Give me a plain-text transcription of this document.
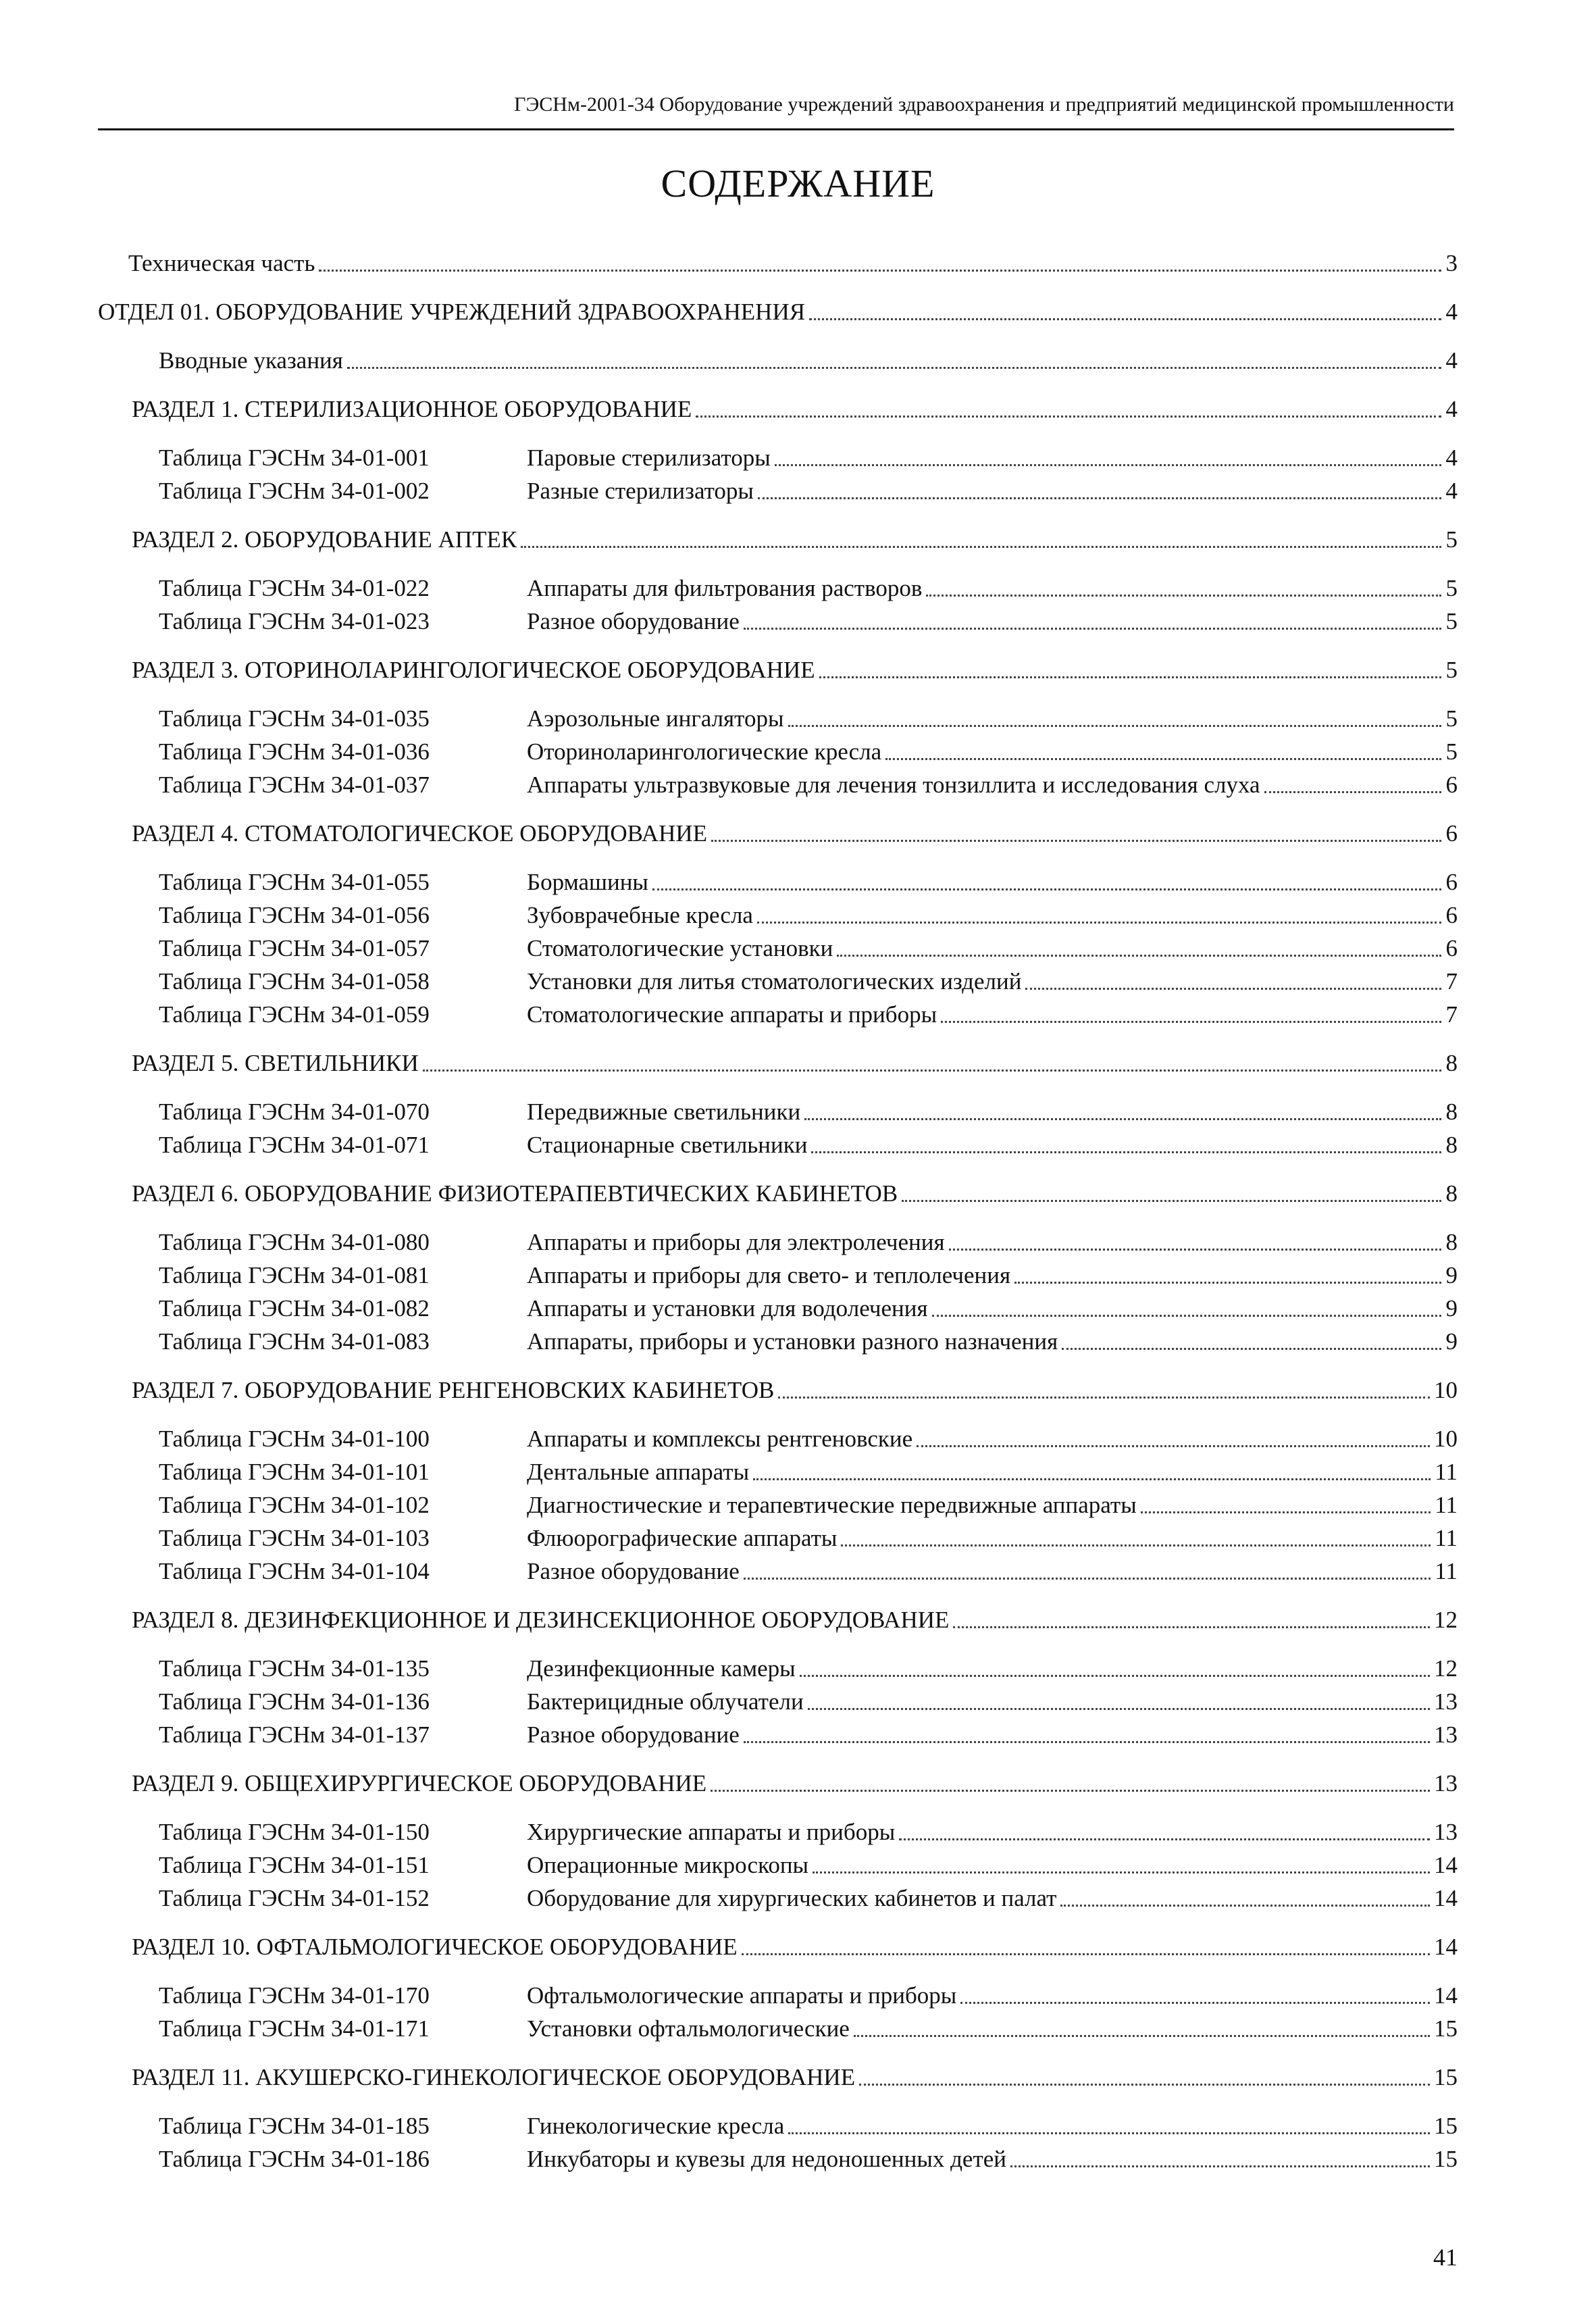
ГЭСНм-2001-34 Оборудование учреждений здравоохранения и предприятий медицинской промышленности
СОДЕРЖАНИЕ
Техническая часть	3
ОТДЕЛ 01. ОБОРУДОВАНИЕ УЧРЕЖДЕНИЙ ЗДРАВООХРАНЕНИЯ	4
Вводные указания	4
РАЗДЕЛ 1. СТЕРИЛИЗАЦИОННОЕ ОБОРУДОВАНИЕ	4
Таблица ГЭСНм 34-01-001	Паровые стерилизаторы	4
Таблица ГЭСНм 34-01-002	Разные стерилизаторы	4
РАЗДЕЛ 2. ОБОРУДОВАНИЕ АПТЕК	5
Таблица ГЭСНм 34-01-022	Аппараты для фильтрования растворов	5
Таблица ГЭСНм 34-01-023	Разное оборудование	5
РАЗДЕЛ 3. ОТОРИНОЛАРИНГОЛОГИЧЕСКОЕ ОБОРУДОВАНИЕ	5
Таблица ГЭСНм 34-01-035	Аэрозольные ингаляторы	5
Таблица ГЭСНм 34-01-036	Оториноларингологические кресла	5
Таблица ГЭСНм 34-01-037	Аппараты ультразвуковые для лечения тонзиллита и исследования слуха	6
РАЗДЕЛ 4. СТОМАТОЛОГИЧЕСКОЕ ОБОРУДОВАНИЕ	6
Таблица ГЭСНм 34-01-055	Бормашины	6
Таблица ГЭСНм 34-01-056	Зубоврачебные кресла	6
Таблица ГЭСНм 34-01-057	Стоматологические установки	6
Таблица ГЭСНм 34-01-058	Установки для литья стоматологических изделий	7
Таблица ГЭСНм 34-01-059	Стоматологические аппараты и приборы	7
РАЗДЕЛ 5. СВЕТИЛЬНИКИ	8
Таблица ГЭСНм 34-01-070	Передвижные светильники	8
Таблица ГЭСНм 34-01-071	Стационарные светильники	8
РАЗДЕЛ 6. ОБОРУДОВАНИЕ ФИЗИОТЕРАПЕВТИЧЕСКИХ КАБИНЕТОВ	8
Таблица ГЭСНм 34-01-080	Аппараты и приборы для электролечения	8
Таблица ГЭСНм 34-01-081	Аппараты и приборы для свето- и теплолечения	9
Таблица ГЭСНм 34-01-082	Аппараты и установки для водолечения	9
Таблица ГЭСНм 34-01-083	Аппараты, приборы и установки разного назначения	9
РАЗДЕЛ 7. ОБОРУДОВАНИЕ РЕНГЕНОВСКИХ КАБИНЕТОВ	10
Таблица ГЭСНм 34-01-100	Аппараты и комплексы рентгеновские	10
Таблица ГЭСНм 34-01-101	Дентальные аппараты	11
Таблица ГЭСНм 34-01-102	Диагностические и терапевтические передвижные аппараты	11
Таблица ГЭСНм 34-01-103	Флюорографические аппараты	11
Таблица ГЭСНм 34-01-104	Разное оборудование	11
РАЗДЕЛ 8. ДЕЗИНФЕКЦИОННОЕ И ДЕЗИНСЕКЦИОННОЕ ОБОРУДОВАНИЕ	12
Таблица ГЭСНм 34-01-135	Дезинфекционные камеры	12
Таблица ГЭСНм 34-01-136	Бактерицидные облучатели	13
Таблица ГЭСНм 34-01-137	Разное оборудование	13
РАЗДЕЛ 9. ОБЩЕХИРУРГИЧЕСКОЕ ОБОРУДОВАНИЕ	13
Таблица ГЭСНм 34-01-150	Хирургические аппараты и приборы	13
Таблица ГЭСНм 34-01-151	Операционные микроскопы	14
Таблица ГЭСНм 34-01-152	Оборудование для хирургических кабинетов и палат	14
РАЗДЕЛ 10. ОФТАЛЬМОЛОГИЧЕСКОЕ ОБОРУДОВАНИЕ	14
Таблица ГЭСНм 34-01-170	Офтальмологические аппараты и приборы	14
Таблица ГЭСНм 34-01-171	Установки офтальмологические	15
РАЗДЕЛ 11. АКУШЕРСКО-ГИНЕКОЛОГИЧЕСКОЕ ОБОРУДОВАНИЕ	15
Таблица ГЭСНм 34-01-185	Гинекологические кресла	15
Таблица ГЭСНм 34-01-186	Инкубаторы и кувезы для недоношенных детей	15
41
